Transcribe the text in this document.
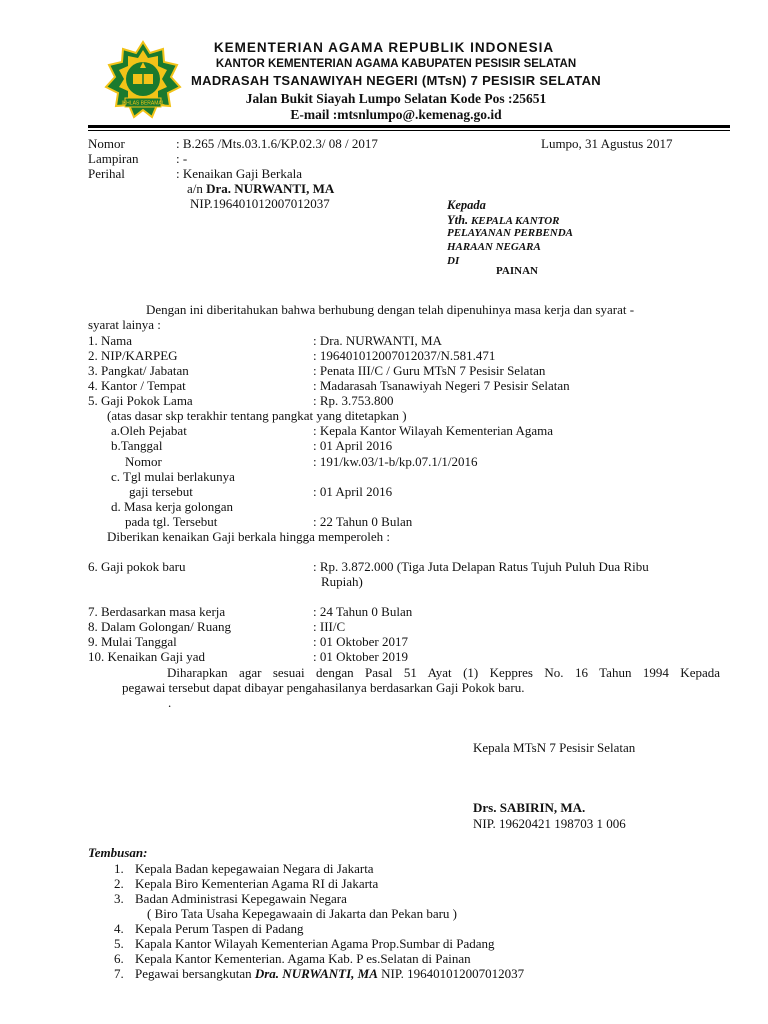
IKHLAS BERAMAL
KEMENTERIAN AGAMA REPUBLIK INDONESIA
KANTOR KEMENTERIAN AGAMA KABUPATEN PESISIR SELATAN
MADRASAH TSANAWIYAH NEGERI (MTsN) 7 PESISIR SELATAN
Jalan Bukit Siayah Lumpo Selatan Kode Pos :25651
E-mail :mtsnlumpo@.kemenag.go.id
Nomor	: B.265 /Mts.03.1.6/KP.02.3/ 08 / 2017	Lumpo, 31 Agustus 2017
Lampiran	: -
Perihal	: Kenaikan Gaji Berkala
a/n Dra. NURWANTI, MA
NIP.196401012007012037	Kepada
Yth. KEPALA KANTOR
PELAYANAN PERBENDA
HARAAN NEGARA
DI
PAINAN
Dengan ini diberitahukan bahwa berhubung dengan telah dipenuhinya masa kerja dan syarat -
syarat lainya :
1. Nama	: Dra. NURWANTI, MA
2. NIP/KARPEG	: 196401012007012037/N.581.471
3. Pangkat/ Jabatan	: Penata III/C / Guru MTsN 7 Pesisir Selatan
4. Kantor / Tempat	: Madarasah Tsanawiyah Negeri 7 Pesisir Selatan
5. Gaji Pokok Lama	: Rp. 3.753.800
(atas dasar skp terakhir tentang pangkat yang ditetapkan )
a.Oleh Pejabat	: Kepala Kantor Wilayah Kementerian Agama
b.Tanggal	: 01 April 2016
Nomor	: 191/kw.03/1-b/kp.07.1/1/2016
c. Tgl mulai berlakunya
gaji tersebut	: 01 April 2016
d. Masa kerja golongan
pada tgl. Tersebut	: 22 Tahun 0 Bulan
Diberikan kenaikan Gaji berkala hingga memperoleh :
6. Gaji pokok baru	: Rp. 3.872.000 (Tiga Juta Delapan Ratus Tujuh Puluh Dua Ribu
Rupiah)
7. Berdasarkan masa kerja	: 24 Tahun 0 Bulan
8. Dalam Golongan/ Ruang	: III/C
9. Mulai Tanggal	: 01 Oktober 2017
10. Kenaikan Gaji yad	: 01 Oktober 2019
Diharapkan agar sesuai dengan Pasal 51 Ayat (1) Keppres No. 16 Tahun 1994 Kepada
pegawai tersebut dapat dibayar pengahasilanya berdasarkan Gaji Pokok baru.
.
Kepala MTsN 7 Pesisir Selatan
Drs. SABIRIN, MA.
NIP. 19620421 198703 1 006
Tembusan:
1. Kepala Badan kepegawaian Negara di Jakarta
2. Kepala Biro Kementerian Agama RI di Jakarta
3. Badan Administrasi Kepegawain Negara
( Biro Tata Usaha Kepegawaain di Jakarta dan Pekan baru )
4. Kepala Perum Taspen di Padang
5. Kapala Kantor Wilayah Kementerian Agama Prop.Sumbar di Padang
6. Kepala Kantor Kementerian. Agama Kab. P es.Selatan di Painan
7. Pegawai bersangkutan Dra. NURWANTI, MA NIP. 196401012007012037
